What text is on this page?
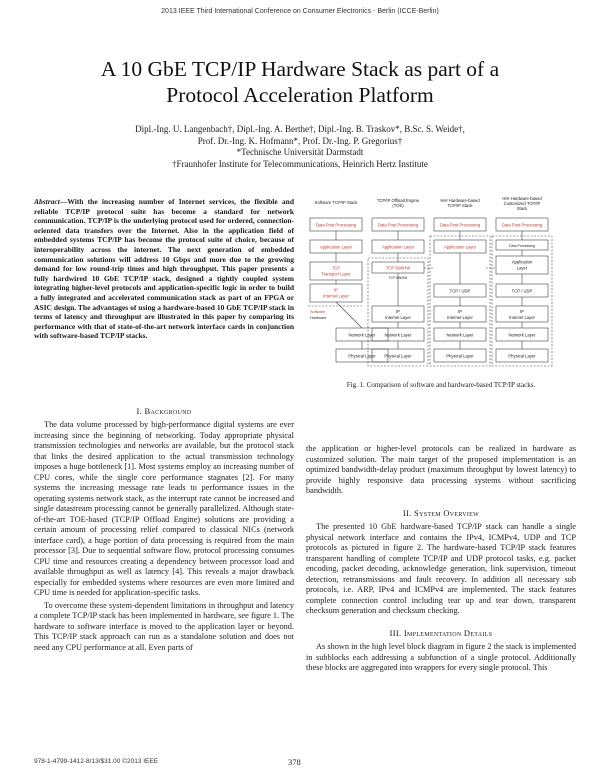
2013 IEEE Third International Conference on Consumer Electronics - Berlin (ICCE-Berlin)
A 10 GbE TCP/IP Hardware Stack as part of a
Protocol Acceleration Platform
Dipl.-Ing. U. Langenbach†, Dipl.-Ing. A. Berthe†, Dipl.-Ing. B. Traskov*, B.Sc. S. Weide†,
Prof. Dr.-Ing. K. Hofmann*, Prof. Dr.-Ing. P. Gregorius†
*Technische Universität Darmstadt
†Fraunhofer Institute for Telecommunications, Heinrich Hertz Institute
Abstract—With the increasing number of Internet services, the flexible and reliable TCP/IP protocol suite has become a standard for network communication. TCP/IP is the underlying protocol used for ordered, connection-oriented data transfers over the Internet. Also in the application field of embedded systems TCP/IP has become the protocol suite of choice, because of interoperability across the internet. The next generation of embedded communication solutions will address 10 Gbps and more due to the growing demand for low round-trip times and high throughput. This paper presents a fully hardwired 10 GbE TCP/IP stack, designed a tightly coupled system integrating higher-level protocols and application-specific logic in order to build a fully integrated and accelerated communication stack as part of an FPGA or ASIC design. The advantages of using a hardware-based 10 GbE TCP/IP stack in terms of latency and throughput are illustrated in this paper by comparing its performance with that of state-of-the-art network interface cards in conjunction with software-based TCP/IP stacks.
I. Background

The data volume processed by high-performance digital systems are ever increasing since the beginning of networking. Today appropriate physical transmission technologies and networks are available, but the protocol stack that links the desired application to the actual transmission technology imposes a huge bottleneck [1]. Most systems employ an increasing number of CPU cores, while the single core performance stagnates [2]. For many systems the increasing message rate leads to performance issues in the operating systems network stack, as the interrupt rate cannot be increased and single datastream processing cannot be generally parallelized. Although state-of-the-art TOE-based (TCP/IP Offload Engine) solutions are providing a certain amount of processing relief compared to classical NICs (network interface card), a huge portion of data processing is required from the main processor [3]. Due to sequential software flow, protocol processing consumes CPU time and resources creating a dependency between processor load and available throughput as well as latency [4]. This reveals a major drawback especially for embedded systems where resources are even more limited and CPU time is needed for application-specific tasks.

To overcome these system-dependent limitations in throughput and latency a complete TCP/IP stack has been implemented in hardware, see figure 1. The hardware to software interface is moved to the application layer or beyond. This TCP/IP stack approach can run as a standalone solution and does not need any CPU performance at all. Even parts of

Data Post Processing	Data Post Processing	Data Post Processing	Data Post Processing
Application Layer	Application Layer	Application Layer
TCP
Transport Layer
IP
Internet Layer
TCP SW/HW
Software TCP/IP Stack	TCP/IP Offload Engine
(TOE)
HHI Hardware-based
TCP/IP Stack
HHI Hardware-based
Customized TCP/IP
Stack
Data Processing
Application
Layer
TCP / UDP	TCP / UDP
TCP HW/SW
IP
Internet Layer
IP
Internet Layer
IP
Internet Layer
Network Layer Network Layer	Network Layer	Network Layer
Physical Layer Physical Layer	Physical Layer	Physical Layer
Software
Hardware
Fig. 1. Comparison of software and hardware-based TCP/IP stacks.

the application or higher-level protocols can be realized in hardware as customized solution. The main target of the proposed implementation is an optimized bandwidth-delay product (maximum throughput by lowest latency) to provide highly responsive data processing systems without sacrificing bandwidth.

II. System Overview

The presented 10 GbE hardware-based TCP/IP stack can handle a single physical network interface and contains the IPv4, ICMPv4, UDP and TCP protocols as pictured in figure 2. The hardware-based TCP/IP stack features transparent handling of complete TCP/IP and UDP protocol tasks, e.g. packet encoding, packet decoding, acknowledge generation, link supervision, timeout detection, retransmissions and fault recovery. In addition all necessary sub protocols, i.e. ARP, IPv4 and ICMPv4 are implemented. The stack features complete connection control including tear up and tear down, transparent checksum generation and checksum checking.

III. Implementation Details

As shown in the high level block diagram in figure 2 the stack is implemented in subblocks each addressing a subfunction of a single protocol. Additionally these blocks are aggregated into wrappers for every single protocol. This

978-1-4799-1412-8/13/$31.00 ©2013 IEEE	378
